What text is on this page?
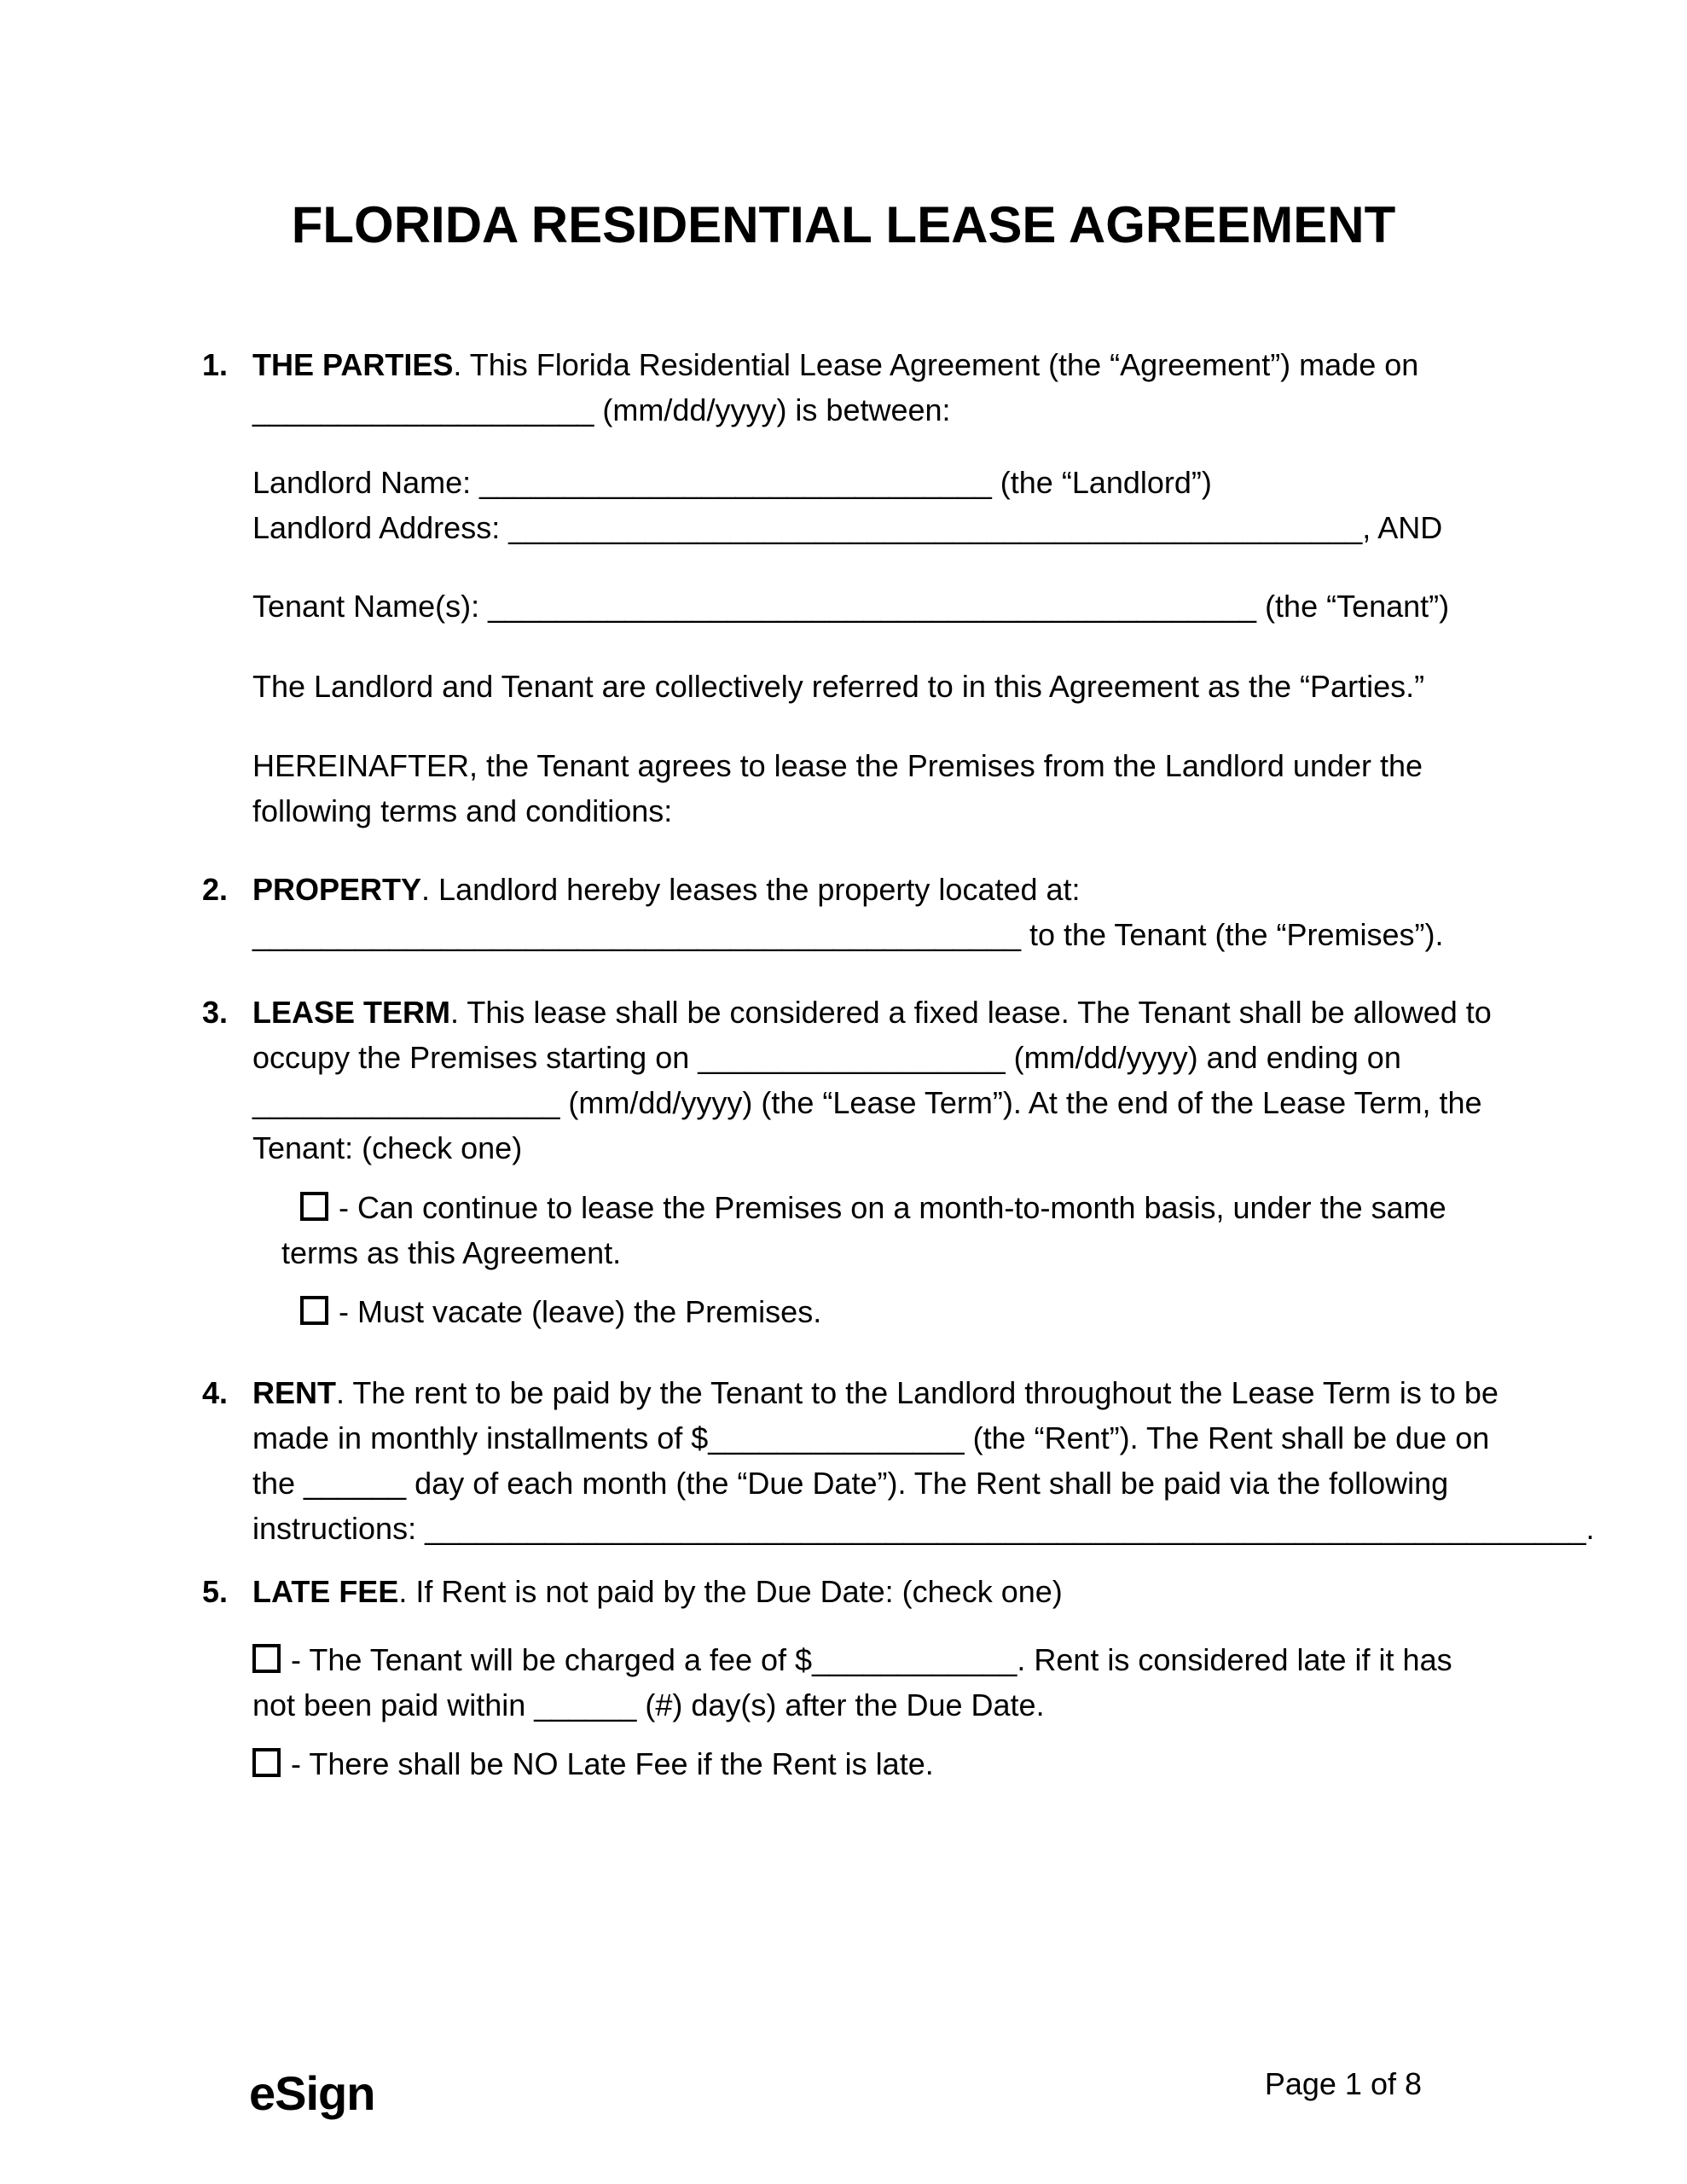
FLORIDA RESIDENTIAL LEASE AGREEMENT
1. THE PARTIES. This Florida Residential Lease Agreement (the “Agreement”) made on
____________________ (mm/dd/yyyy) is between:
Landlord Name: ______________________________ (the “Landlord”)
Landlord Address: __________________________________________________, AND
Tenant Name(s): _____________________________________________ (the “Tenant”)
The Landlord and Tenant are collectively referred to in this Agreement as the “Parties.”
HEREINAFTER, the Tenant agrees to lease the Premises from the Landlord under the
following terms and conditions:
2. PROPERTY. Landlord hereby leases the property located at:
_____________________________________________ to the Tenant (the “Premises”).
3. LEASE TERM. This lease shall be considered a fixed lease. The Tenant shall be allowed to
occupy the Premises starting on __________________ (mm/dd/yyyy) and ending on
__________________ (mm/dd/yyyy) (the “Lease Term”). At the end of the Lease Term, the
Tenant: (check one)
- Can continue to lease the Premises on a month-to-month basis, under the same
terms as this Agreement.
- Must vacate (leave) the Premises.
4. RENT. The rent to be paid by the Tenant to the Landlord throughout the Lease Term is to be
made in monthly installments of $_______________ (the “Rent”). The Rent shall be due on
the ______ day of each month (the “Due Date”). The Rent shall be paid via the following
instructions: ____________________________________________________________________.
5. LATE FEE. If Rent is not paid by the Due Date: (check one)
- The Tenant will be charged a fee of $____________. Rent is considered late if it has
not been paid within ______ (#) day(s) after the Due Date.
- There shall be NO Late Fee if the Rent is late.
eSign	Page 1 of 8
